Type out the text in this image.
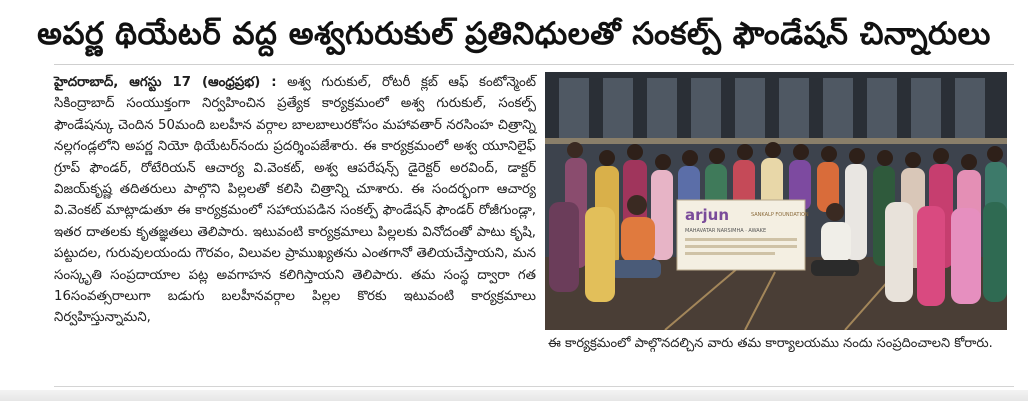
అపర్ణ థియేటర్ వద్ద అశ్వగురుకుల్ ప్రతినిధులతో సంకల్ప్ ఫౌండేషన్ చిన్నారులు
హైదరాబాద్, ఆగస్టు 17 (ఆంధ్రప్రభ) : అశ్వ గురుకుల్, రోటరీ క్లబ్ ఆఫ్ కంటోన్మెంట్ సికింద్రాబాద్ సంయుక్తంగా నిర్వహించిన ప్రత్యేక కార్యక్రమంలో అశ్వ గురుకుల్, సంకల్ప్ ఫౌండేషన్కు చెందిన 50మంది బలహీన వర్గాల బాలబాలురకోసం మహావతార్ నరసింహ చిత్రాన్ని నల్లగండ్లలోని అపర్ణ నియో థియేటర్‌నందు ప్రదర్శింపజేశారు. ఈ కార్యక్రమంలో అశ్వ యూనిలైఫ్ గ్రూప్ ఫౌండర్, రోటేరియన్ ఆచార్య వి.వెంకట్, అశ్వ ఆపరేషన్స్ డైరెక్టర్ అరవింద్, డాక్టర్ విజయ్‌కృష్ణ తదితరులు పాల్గొని పిల్లలతో కలిసి చిత్రాన్ని చూశారు. ఈ సందర్భంగా ఆచార్య వి.వెంకట్ మాట్లాడుతూ ఈ కార్యక్రమంలో సహాయపడిన సంకల్ప్ ఫౌండేషన్ ఫౌండర్ రోజీగుండ్లా, ఇతర దాతలకు కృతజ్ఞతలు తెలిపారు. ఇటువంటి కార్యక్రమాలు పిల్లలకు వినోదంతో పాటు కృషి, పట్టుదల, గురువులయందు గౌరవం, విలువల ప్రాముఖ్యతను ఎంతగానో తెలియచేస్తాయని, మన సంస్కృతి సంప్రదాయాల పట్ల అవగాహన కలిగిస్తాయని తెలిపారు. తమ సంస్థ ద్వారా గత 16సంవత్సరాలుగా బడుగు బలహీనవర్గాల పిల్లల కొరకు ఇటువంటి కార్యక్రమాలు నిర్వహిస్తున్నామని,
arjun	SANKALP FOUNDATION
MAHAVATAR NARSIMHA · AWAKE
ఈ కార్యక్రమంలో పాల్గొనదల్చిన వారు తమ కార్యాలయము నందు సంప్రదించాలని కోరారు.
